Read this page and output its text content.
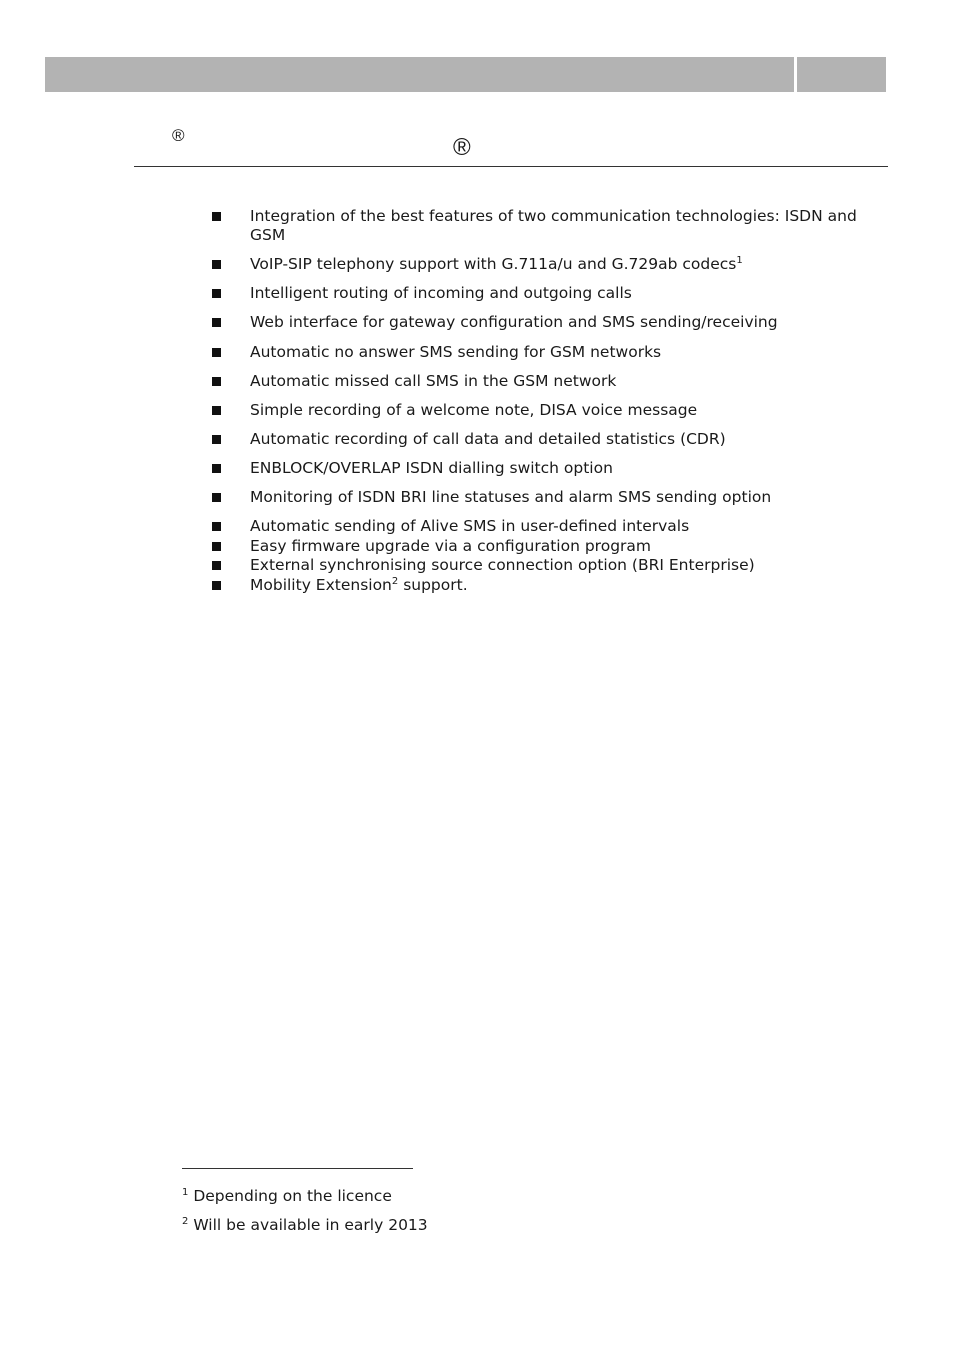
®	®
Integration of the best features of two communication technologies: ISDN and GSM
VoIP-SIP telephony support with G.711a/u and G.729ab codecs$^1$
Intelligent routing of incoming and outgoing calls
Web interface for gateway configuration and SMS sending/receiving
Automatic no answer SMS sending for GSM networks
Automatic missed call SMS in the GSM network
Simple recording of a welcome note, DISA voice message
Automatic recording of call data and detailed statistics (CDR)
ENBLOCK/OVERLAP ISDN dialling switch option
Monitoring of ISDN BRI line statuses and alarm SMS sending option
Automatic sending of Alive SMS in user-defined intervals
Easy firmware upgrade via a configuration program
External synchronising source connection option (BRI Enterprise)
Mobility Extension$^2$ support.
$^1$ Depending on the licence
$^2$ Will be available in early 2013
